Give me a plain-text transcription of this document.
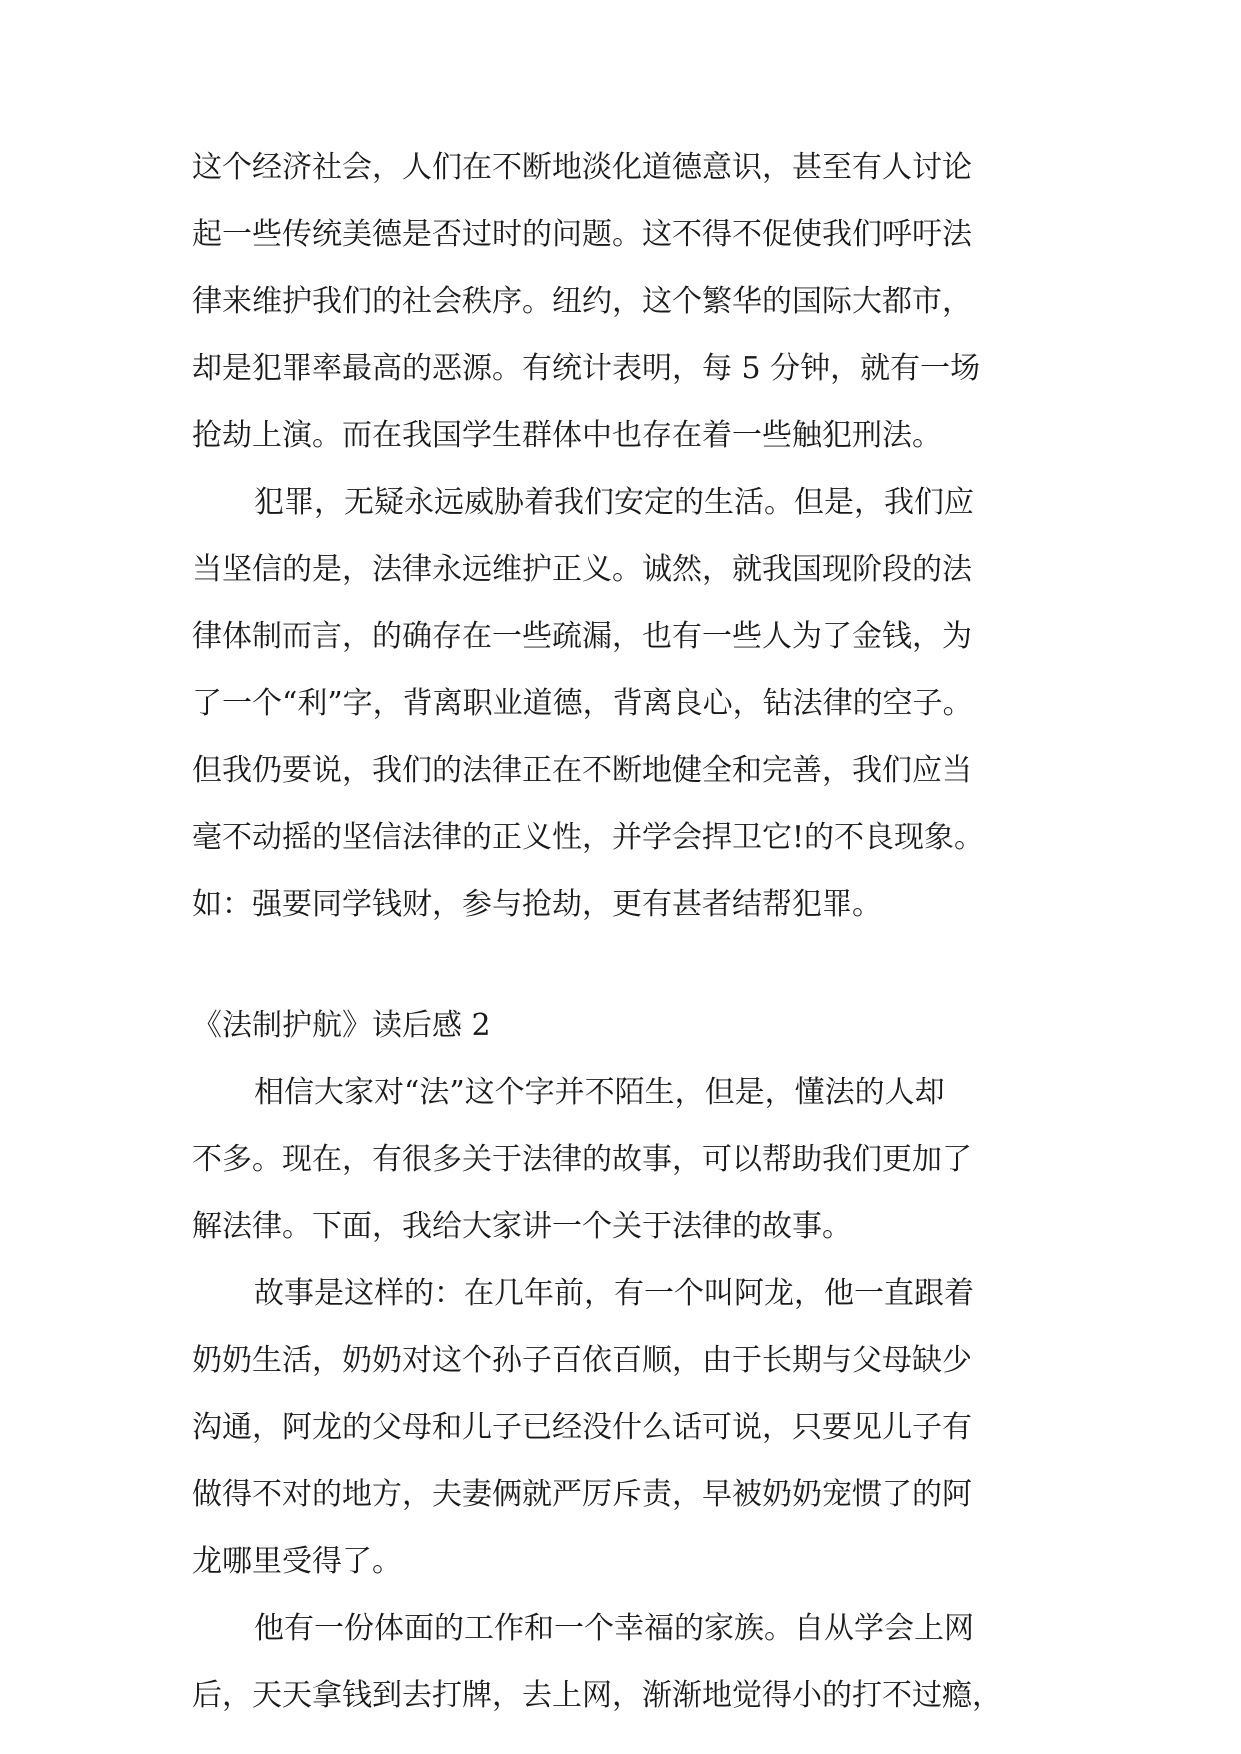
这个经济社会，人们在不断地淡化道德意识，甚至有人讨论
起一些传统美德是否过时的问题。这不得不促使我们呼吁法
律来维护我们的社会秩序。纽约，这个繁华的国际大都市，
却是犯罪率最高的恶源。有统计表明，每 5 分钟，就有一场
抢劫上演。而在我国学生群体中也存在着一些触犯刑法。
犯罪，无疑永远威胁着我们安定的生活。但是，我们应
当坚信的是，法律永远维护正义。诚然，就我国现阶段的法
律体制而言，的确存在一些疏漏，也有一些人为了金钱，为
了一个“利”字，背离职业道德，背离良心，钻法律的空子。
但我仍要说，我们的法律正在不断地健全和完善，我们应当
毫不动摇的坚信法律的正义性，并学会捍卫它!的不良现象。
如：强要同学钱财，参与抢劫，更有甚者结帮犯罪。
《法制护航》读后感 2
相信大家对“法”这个字并不陌生，但是，懂法的人却
不多。现在，有很多关于法律的故事，可以帮助我们更加了
解法律。下面，我给大家讲一个关于法律的故事。
故事是这样的：在几年前，有一个叫阿龙，他一直跟着
奶奶生活，奶奶对这个孙子百依百顺，由于长期与父母缺少
沟通，阿龙的父母和儿子已经没什么话可说，只要见儿子有
做得不对的地方，夫妻俩就严厉斥责，早被奶奶宠惯了的阿
龙哪里受得了。
他有一份体面的工作和一个幸福的家族。自从学会上网
后，天天拿钱到去打牌，去上网，渐渐地觉得小的打不过瘾，
